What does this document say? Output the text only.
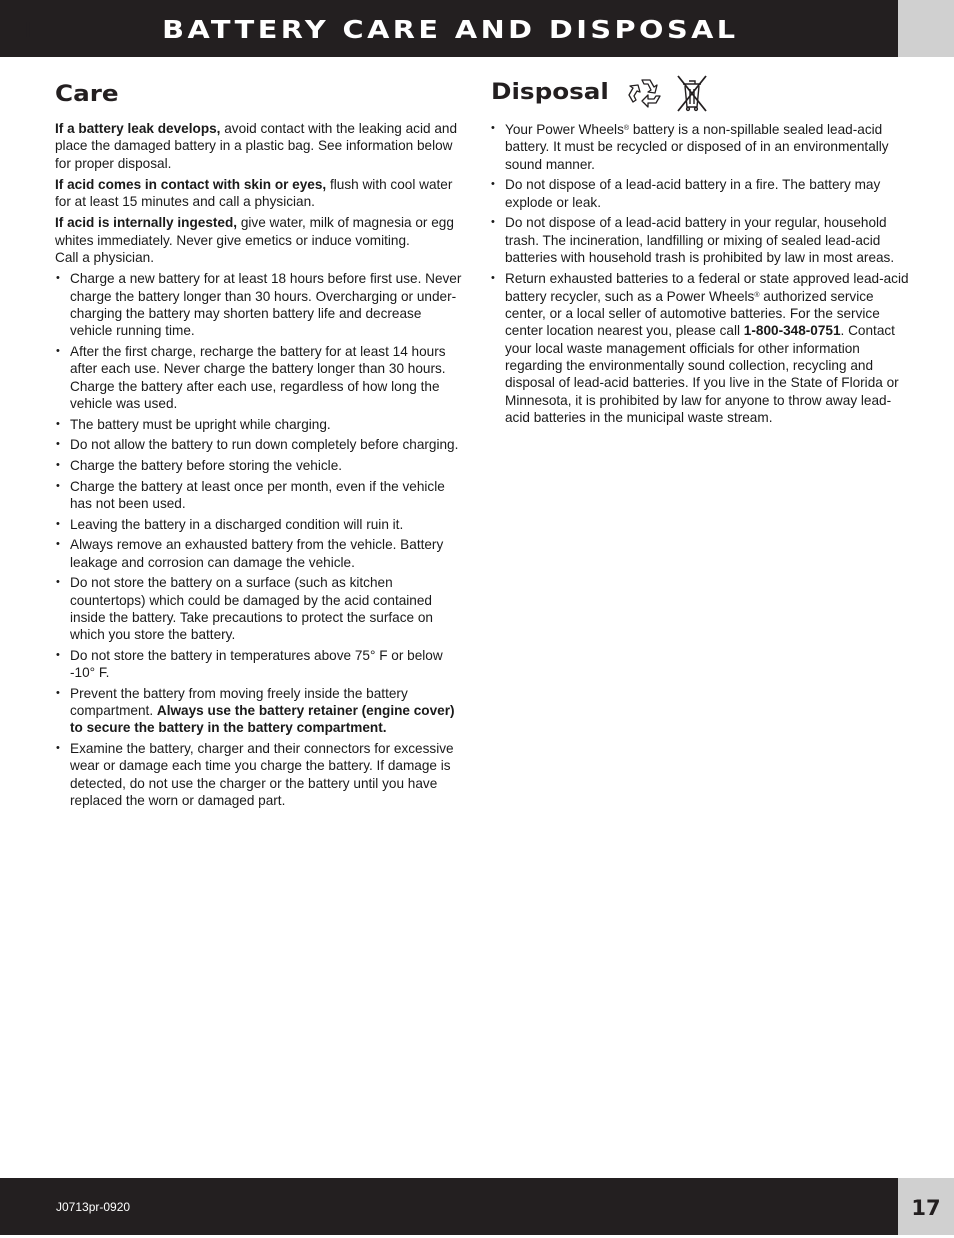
BATTERY CARE AND DISPOSAL
I
Care

If a battery leak develops, avoid contact with the leaking acid and place the damaged battery in a plastic bag. See information below for proper disposal.

If acid comes in contact with skin or eyes, flush with cool water for at least 15 minutes and call a physician.

If acid is internally ingested, give water, milk of magnesia or egg whites immediately. Never give emetics or induce vomiting.
Call a physician.

• Charge a new battery for at least 18 hours before first use. Never charge the battery longer than 30 hours. Overcharging or under-charging the battery may shorten battery life and decrease vehicle running time.
• After the first charge, recharge the battery for at least 14 hours after each use. Never charge the battery longer than 30 hours. Charge the battery after each use, regardless of how long the vehicle was used.
• The battery must be upright while charging.
• Do not allow the battery to run down completely before charging.
• Charge the battery before storing the vehicle.
• Charge the battery at least once per month, even if the vehicle has not been used.
• Leaving the battery in a discharged condition will ruin it.
• Always remove an exhausted battery from the vehicle. Battery leakage and corrosion can damage the vehicle.
• Do not store the battery on a surface (such as kitchen countertops) which could be damaged by the acid contained inside the battery. Take precautions to protect the surface on which you store the battery.
• Do not store the battery in temperatures above 75° F or below -10° F.
• Prevent the battery from moving freely inside the battery compartment. Always use the battery retainer (engine cover) to secure the battery in the battery compartment.
• Examine the battery, charger and their connectors for excessive wear or damage each time you charge the battery. If damage is detected, do not use the charger or the battery until you have replaced the worn or damaged part.
Disposal
• Your Power Wheels® battery is a non-spillable sealed lead-acid battery. It must be recycled or disposed of in an environmentally sound manner.
• Do not dispose of a lead-acid battery in a fire. The battery may explode or leak.
• Do not dispose of a lead-acid battery in your regular, household trash. The incineration, landfilling or mixing of sealed lead-acid batteries with household trash is prohibited by law in most areas.
• Return exhausted batteries to a federal or state approved lead-acid battery recycler, such as a Power Wheels® authorized service center, or a local seller of automotive batteries. For the service center location nearest you, please call 1-800-348-0751. Contact your local waste management officials for other information regarding the environmentally sound collection, recycling and disposal of lead-acid batteries. If you live in the State of Florida or Minnesota, it is prohibited by law for anyone to throw away lead-acid batteries in the municipal waste stream.
J0713pr-0920	17
